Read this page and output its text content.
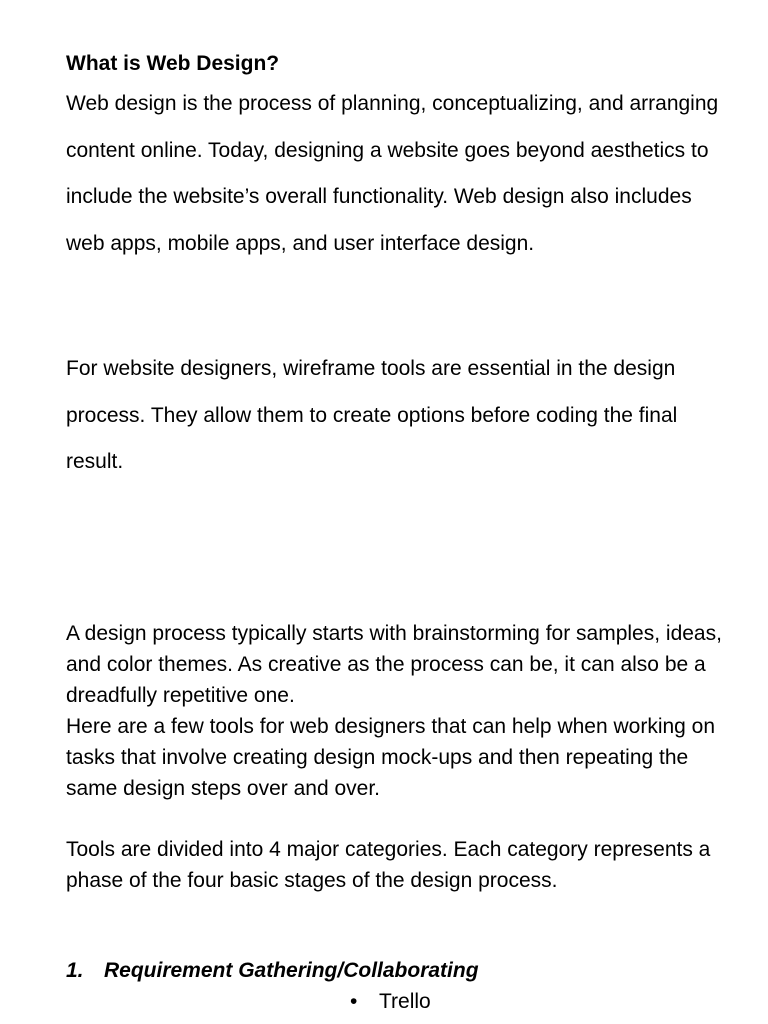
What is Web Design?

Web design is the process of planning, conceptualizing, and arranging content online. Today, designing a website goes beyond aesthetics to include the website’s overall functionality. Web design also includes web apps, mobile apps, and user interface design.

For website designers, wireframe tools are essential in the design process. They allow them to create options before coding the final result.

A design process typically starts with brainstorming for samples, ideas, and color themes. As creative as the process can be, it can also be a dreadfully repetitive one.

Here are a few tools for web designers that can help when working on tasks that involve creating design mock-ups and then repeating the same design steps over and over.

Tools are divided into 4 major categories. Each category represents a phase of the four basic stages of the design process.

1. Requirement Gathering/Collaborating
• Trello
